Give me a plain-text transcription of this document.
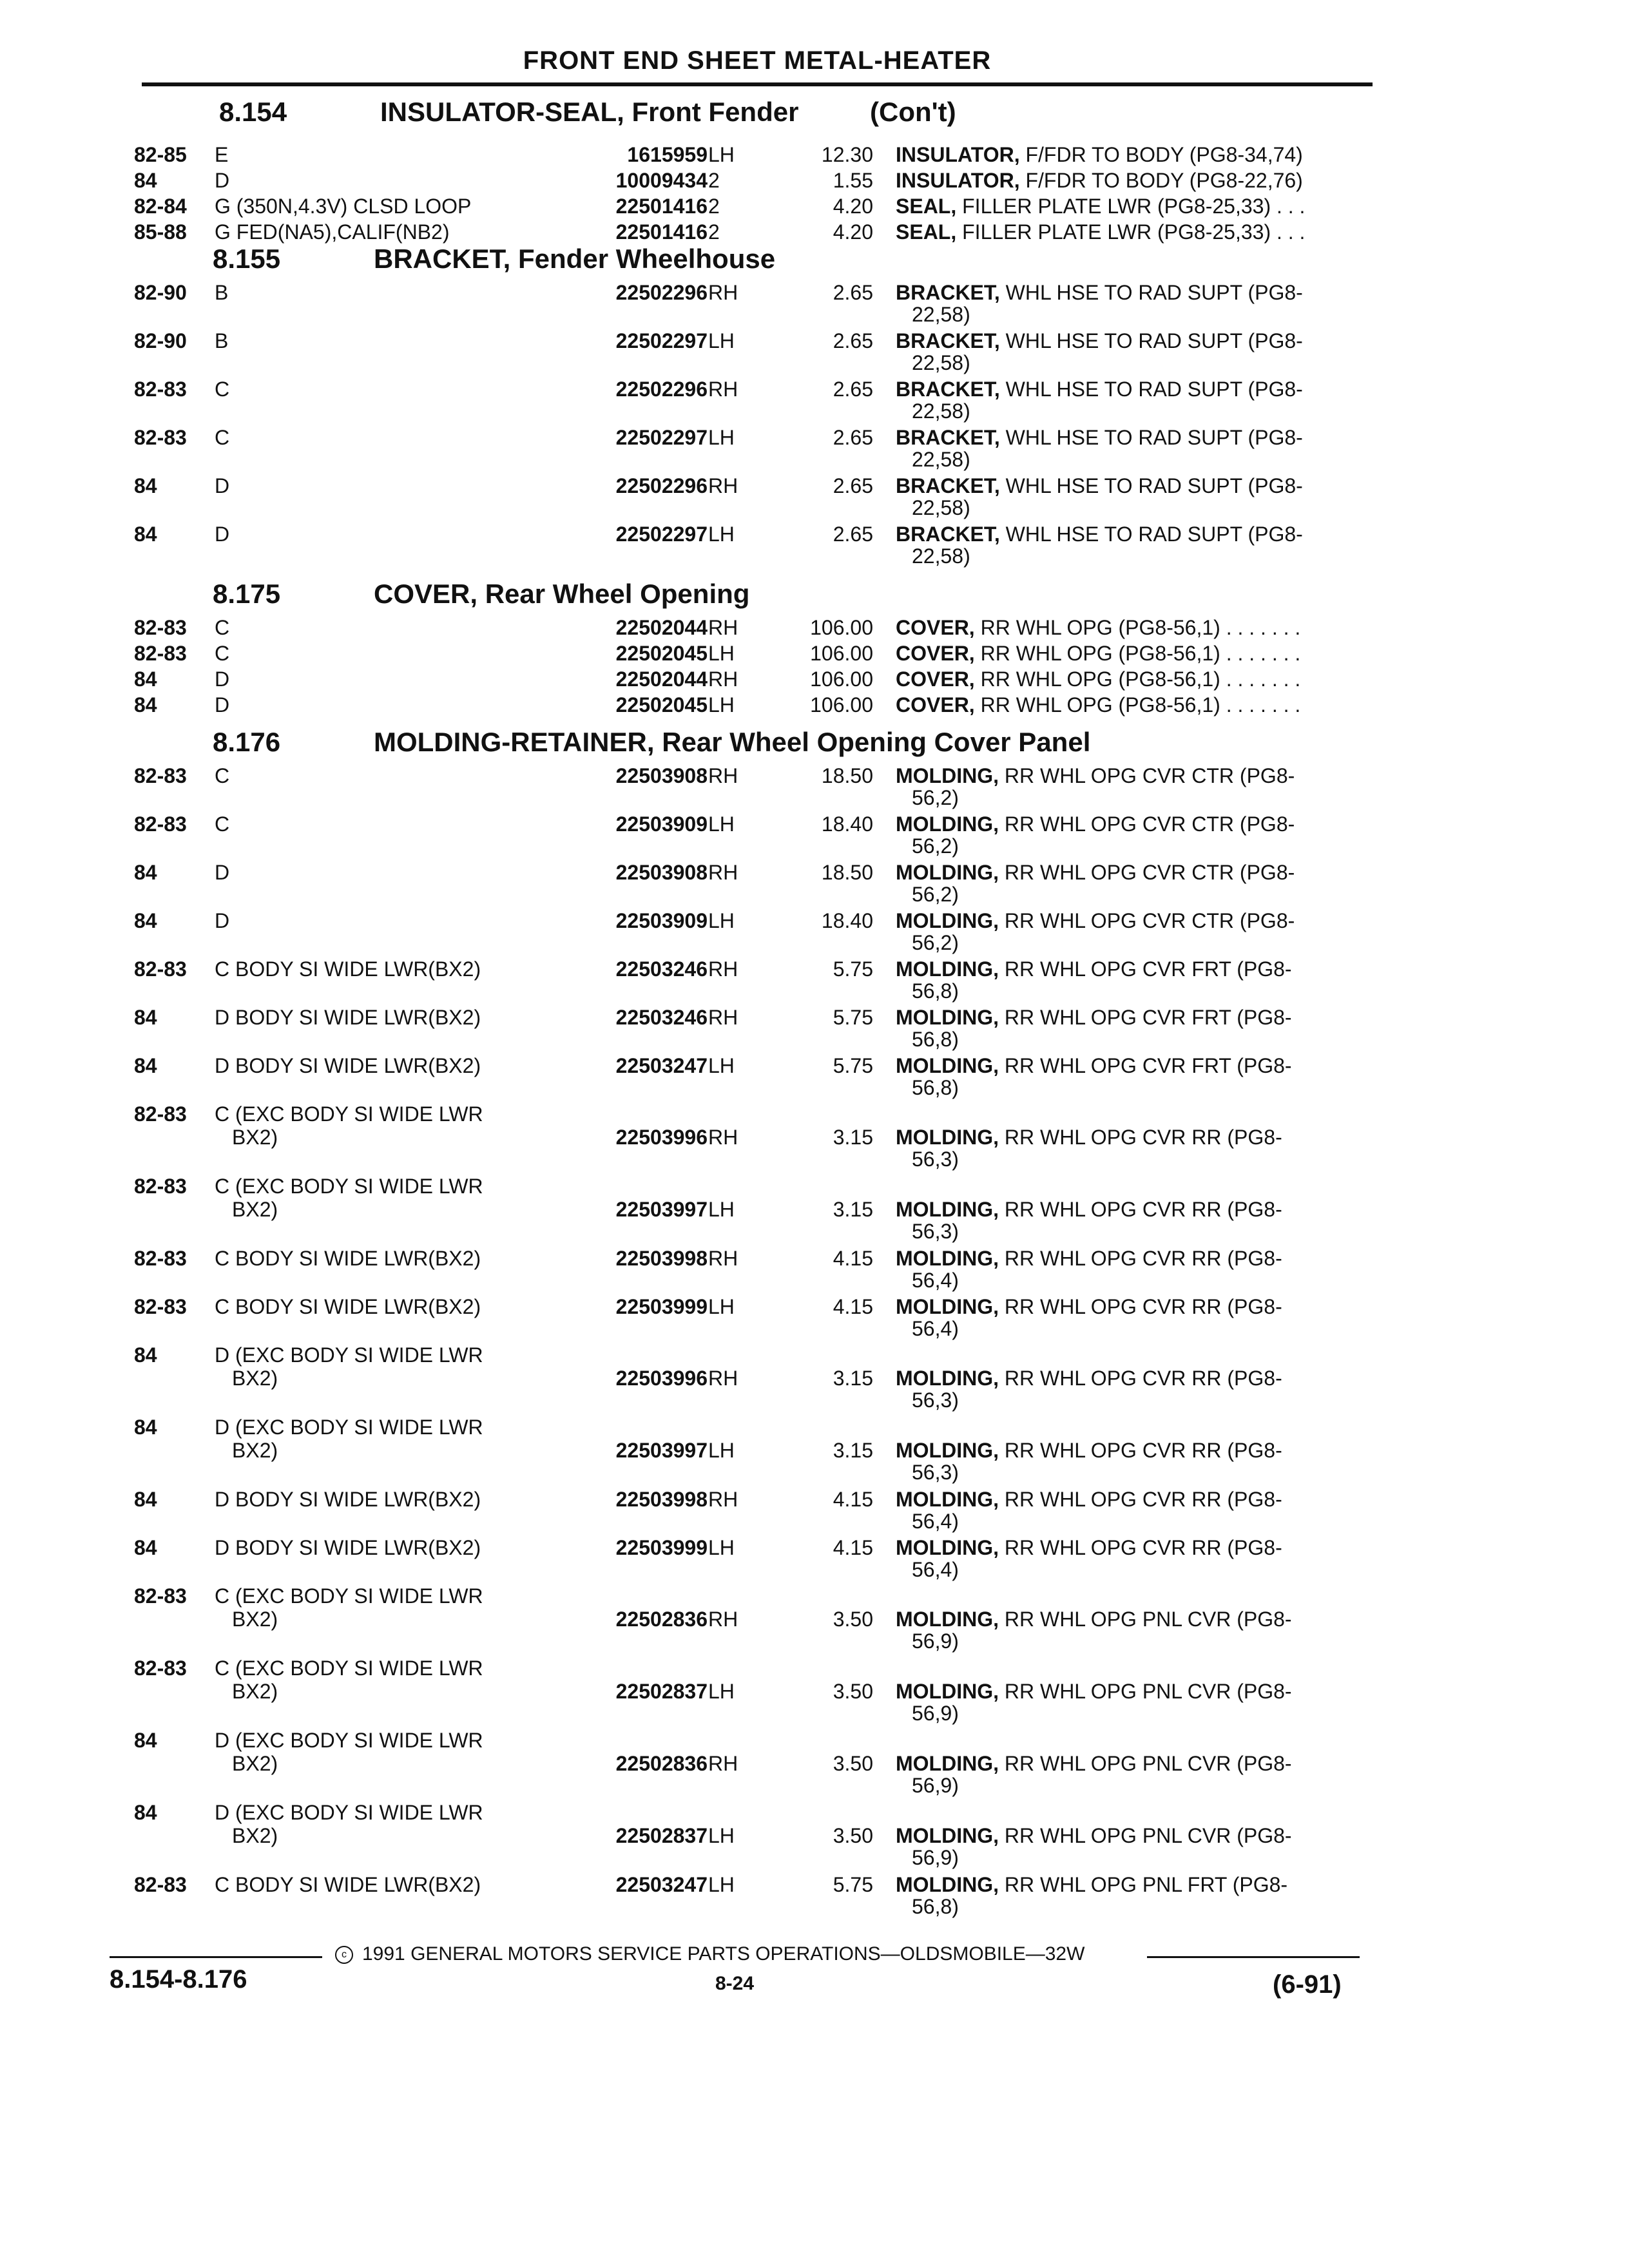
FRONT END SHEET METAL-HEATER
8.154	INSULATOR-SEAL, Front Fender	(Con't)
82-85 E	1615959 LH	12.30 INSULATOR, F/FDR TO BODY (PG8-34,74)
84	D	10009434 2	1.55 INSULATOR, F/FDR TO BODY (PG8-22,76)
82-84 G (350N,4.3V) CLSD LOOP	22501416 2	4.20 SEAL, FILLER PLATE LWR (PG8-25,33) . . .
85-88 G FED(NA5),CALIF(NB2)	22501416 2	4.20 SEAL, FILLER PLATE LWR (PG8-25,33) . . .
8.155	BRACKET, Fender Wheelhouse
82-90 B	22502296 RH	2.65 BRACKET, WHL HSE TO RAD SUPT (PG8-
22,58)
82-90 B	22502297 LH	2.65 BRACKET, WHL HSE TO RAD SUPT (PG8-
22,58)
82-83 C	22502296 RH	2.65 BRACKET, WHL HSE TO RAD SUPT (PG8-
22,58)
82-83 C	22502297 LH	2.65 BRACKET, WHL HSE TO RAD SUPT (PG8-
22,58)
84	D	22502296 RH	2.65 BRACKET, WHL HSE TO RAD SUPT (PG8-
22,58)
84	D	22502297 LH	2.65 BRACKET, WHL HSE TO RAD SUPT (PG8-
22,58)
8.175	COVER, Rear Wheel Opening
82-83 C	22502044 RH	106.00 COVER, RR WHL OPG (PG8-56,1) . . . . . . .
82-83 C	22502045 LH	106.00 COVER, RR WHL OPG (PG8-56,1) . . . . . . .
84	D	22502044 RH	106.00 COVER, RR WHL OPG (PG8-56,1) . . . . . . .
84	D	22502045 LH	106.00 COVER, RR WHL OPG (PG8-56,1) . . . . . . .
8.176	MOLDING-RETAINER, Rear Wheel Opening Cover Panel
82-83 C	22503908 RH	18.50 MOLDING, RR WHL OPG CVR CTR (PG8-
56,2)
82-83 C	22503909 LH	18.40 MOLDING, RR WHL OPG CVR CTR (PG8-
56,2)
84	D	22503908 RH	18.50 MOLDING, RR WHL OPG CVR CTR (PG8-
56,2)
84	D	22503909 LH	18.40 MOLDING, RR WHL OPG CVR CTR (PG8-
56,2)
82-83 C BODY SI WIDE LWR(BX2)	22503246 RH	5.75 MOLDING, RR WHL OPG CVR FRT (PG8-
56,8)
84	D BODY SI WIDE LWR(BX2)	22503246 RH	5.75 MOLDING, RR WHL OPG CVR FRT (PG8-
56,8)
84	D BODY SI WIDE LWR(BX2)	22503247 LH	5.75 MOLDING, RR WHL OPG CVR FRT (PG8-
56,8)
82-83 C (EXC BODY SI WIDE LWR
BX2)	22503996 RH	3.15 MOLDING, RR WHL OPG CVR RR (PG8-
56,3)
82-83 C (EXC BODY SI WIDE LWR
BX2)	22503997 LH	3.15 MOLDING, RR WHL OPG CVR RR (PG8-
56,3)
82-83 C BODY SI WIDE LWR(BX2)	22503998 RH	4.15 MOLDING, RR WHL OPG CVR RR (PG8-
56,4)
82-83 C BODY SI WIDE LWR(BX2)	22503999 LH	4.15 MOLDING, RR WHL OPG CVR RR (PG8-
56,4)
84	D (EXC BODY SI WIDE LWR
BX2)	22503996 RH	3.15 MOLDING, RR WHL OPG CVR RR (PG8-
56,3)
84	D (EXC BODY SI WIDE LWR
BX2)	22503997 LH	3.15 MOLDING, RR WHL OPG CVR RR (PG8-
56,3)
84	D BODY SI WIDE LWR(BX2)	22503998 RH	4.15 MOLDING, RR WHL OPG CVR RR (PG8-
56,4)
84	D BODY SI WIDE LWR(BX2)	22503999 LH	4.15 MOLDING, RR WHL OPG CVR RR (PG8-
56,4)
82-83 C (EXC BODY SI WIDE LWR
BX2)	22502836 RH	3.50 MOLDING, RR WHL OPG PNL CVR (PG8-
56,9)
82-83 C (EXC BODY SI WIDE LWR
BX2)	22502837 LH	3.50 MOLDING, RR WHL OPG PNL CVR (PG8-
56,9)
84	D (EXC BODY SI WIDE LWR
BX2)	22502836 RH	3.50 MOLDING, RR WHL OPG PNL CVR (PG8-
56,9)
84	D (EXC BODY SI WIDE LWR
BX2)	22502837 LH	3.50 MOLDING, RR WHL OPG PNL CVR (PG8-
56,9)
82-83 C BODY SI WIDE LWR(BX2)	22503247 LH	5.75 MOLDING, RR WHL OPG PNL FRT (PG8-
56,8)
c 1991 GENERAL MOTORS SERVICE PARTS OPERATIONS—OLDSMOBILE—32W
8.154-8.176	8-24	(6-91)
